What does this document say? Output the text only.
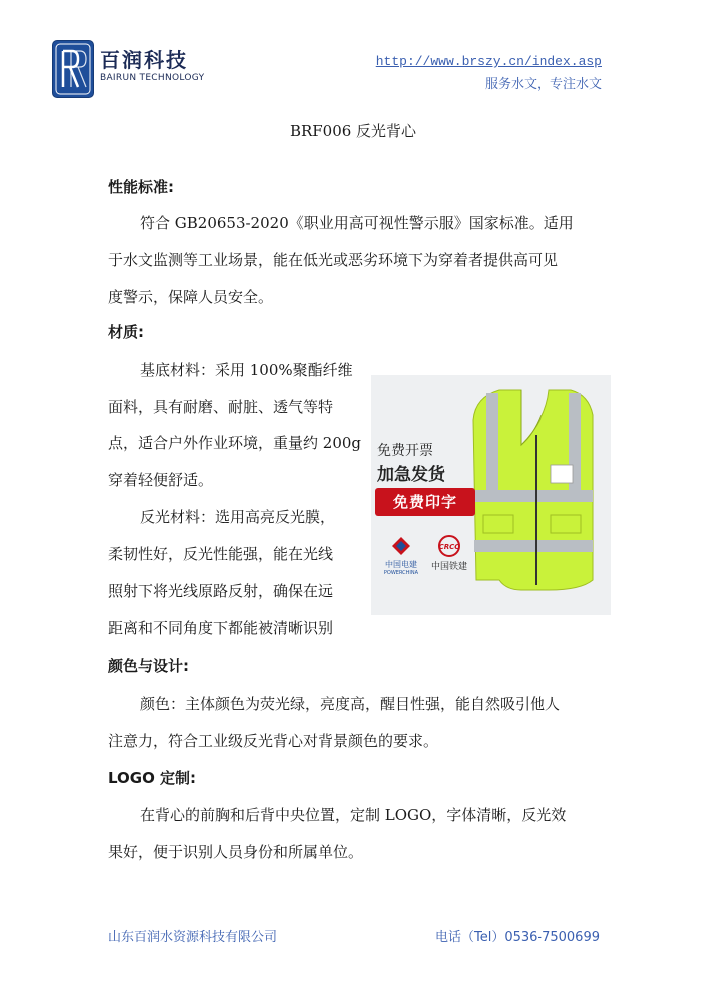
百润科技
BAIRUN TECHNOLOGY
http://www.brszy.cn/index.asp
服务水文，专注水文
BRF006 反光背心
性能标准:
符合 GB20653-2020《职业用高可视性警示服》国家标准。适用
于水文监测等工业场景，能在低光或恶劣环境下为穿着者提供高可见
度警示，保障人员安全。
材质:
基底材料：采用 100%聚酯纤维
面料，具有耐磨、耐脏、透气等特
点，适合户外作业环境，重量约 200g
穿着轻便舒适。
反光材料：选用高亮反光膜，
柔韧性好，反光性能强，能在光线
照射下将光线原路反射，确保在远
距离和不同角度下都能被清晰识别
免费开票
加急发货
免费印字
中国电建
POWERCHINA
CRCC
中国铁建
颜色与设计:
颜色：主体颜色为荧光绿，亮度高，醒目性强，能自然吸引他人
注意力，符合工业级反光背心对背景颜色的要求。
LOGO 定制:
在背心的前胸和后背中央位置，定制 LOGO，字体清晰，反光效
果好，便于识别人员身份和所属单位。
山东百润水资源科技有限公司	电话（Tel）0536-7500699
